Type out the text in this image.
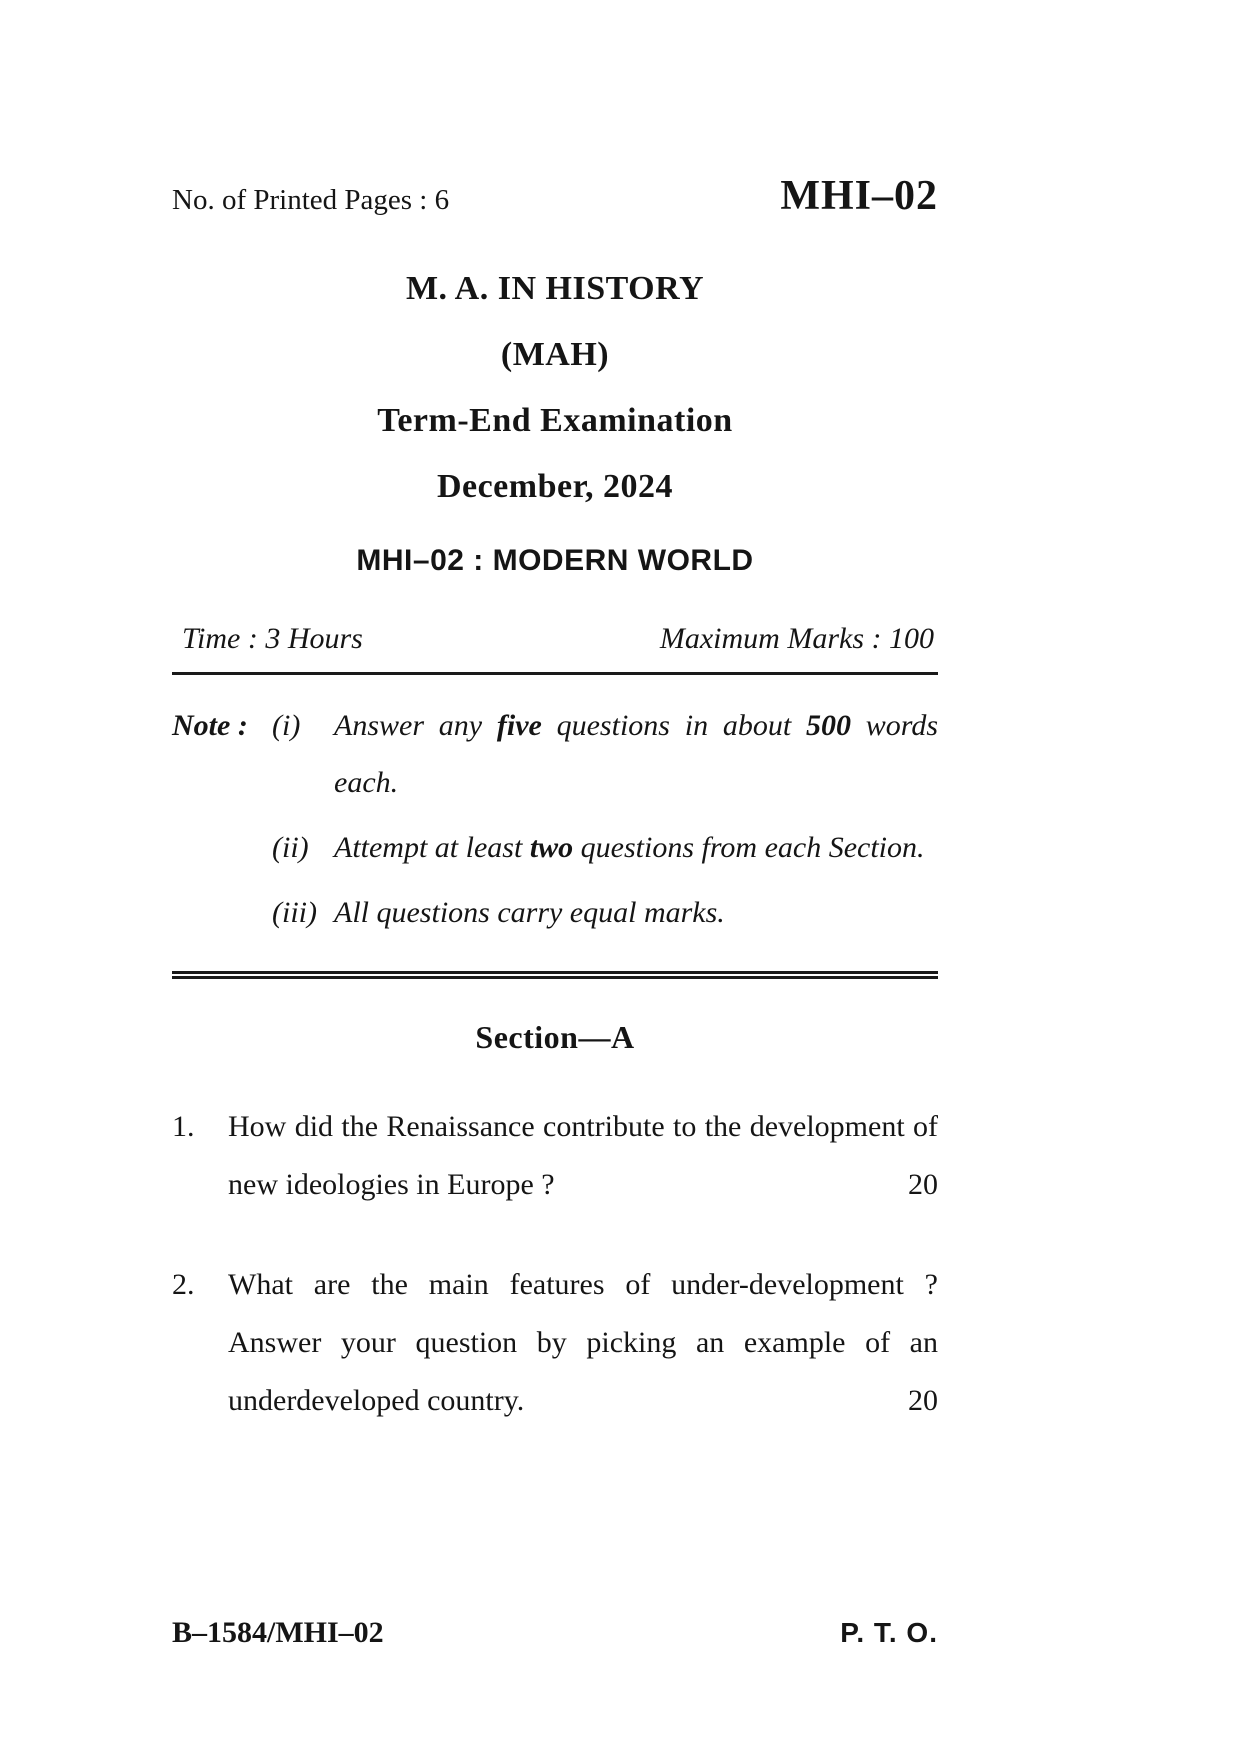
No. of Printed Pages : 6	MHI–02
M. A. IN HISTORY
(MAH)
Term-End Examination
December, 2024
MHI–02 : MODERN WORLD
Time : 3 Hours	Maximum Marks : 100
Note : (i)	Answer any five questions in about 500 words each.
(ii) Attempt at least two questions from each Section.
(iii) All questions carry equal marks.
Section—A
1.	How did the Renaissance contribute to the development of new ideologies in Europe ?	20
2.	What are the main features of under-development ? Answer your question by picking an example of an underdeveloped country.	20
B–1584/MHI–02	P. T. O.
